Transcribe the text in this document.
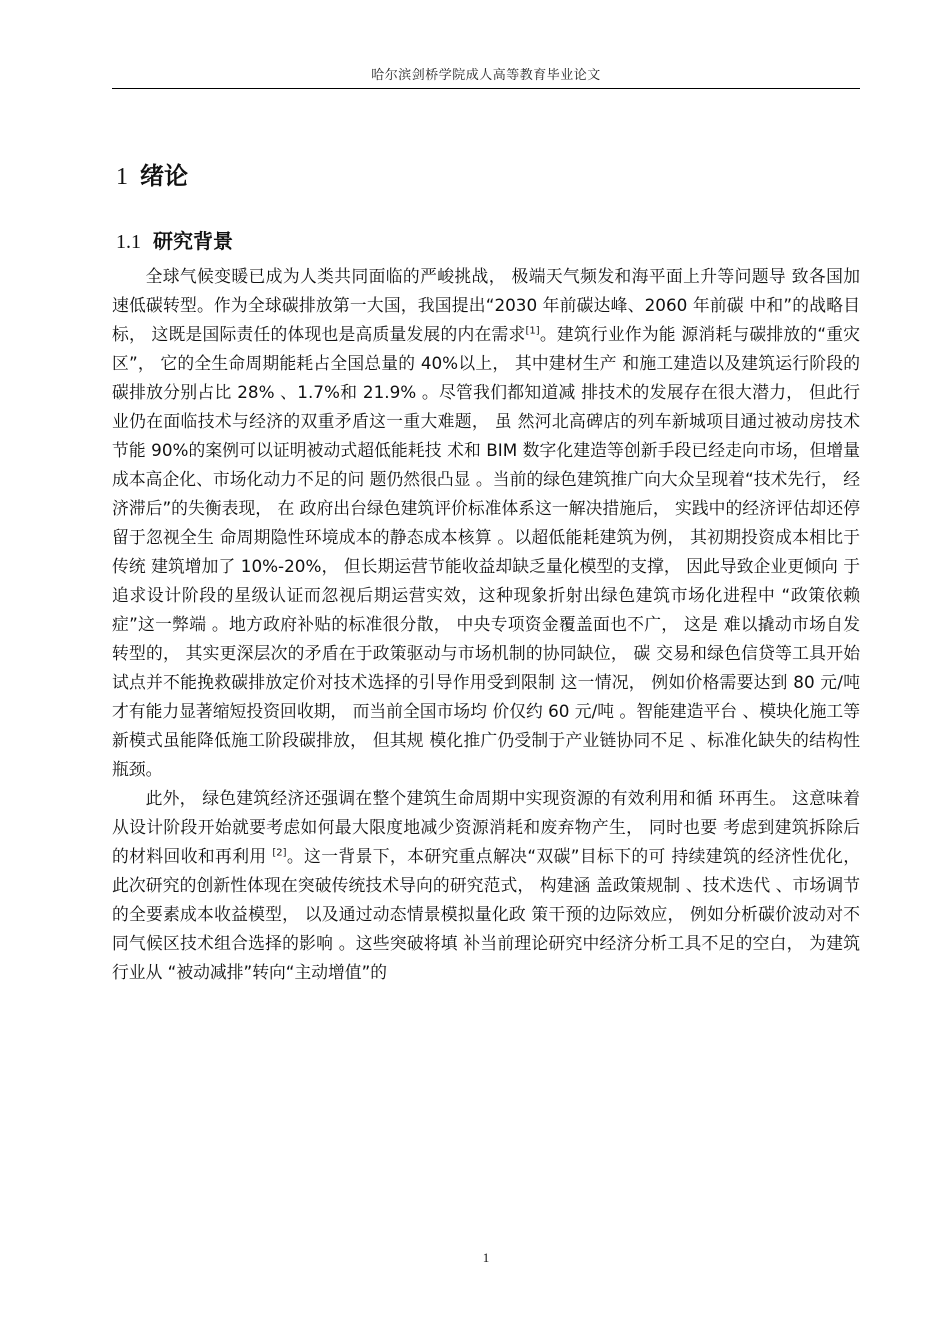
哈尔滨剑桥学院成人高等教育毕业论文
1 绪论
1.1 研究背景

全球气候变暖已成为人类共同面临的严峻挑战， 极端天气频发和海平面上升等问题导 致各国加速低碳转型。作为全球碳排放第一大国，我国提出“2030 年前碳达峰、2060 年前碳 中和”的战略目标， 这既是国际责任的体现也是高质量发展的内在需求[1]。建筑行业作为能 源消耗与碳排放的“重灾区”， 它的全生命周期能耗占全国总量的 40%以上， 其中建材生产 和施工建造以及建筑运行阶段的碳排放分别占比 28% 、1.7%和 21.9% 。尽管我们都知道减 排技术的发展存在很大潜力， 但此行业仍在面临技术与经济的双重矛盾这一重大难题， 虽 然河北高碑店的列车新城项目通过被动房技术节能 90%的案例可以证明被动式超低能耗技 术和 BIM 数字化建造等创新手段已经走向市场，但增量成本高企化、市场化动力不足的问 题仍然很凸显 。当前的绿色建筑推广向大众呈现着“技术先行， 经济滞后”的失衡表现， 在 政府出台绿色建筑评价标准体系这一解决措施后， 实践中的经济评估却还停留于忽视全生 命周期隐性环境成本的静态成本核算 。以超低能耗建筑为例， 其初期投资成本相比于传统 建筑增加了 10%-20%， 但长期运营节能收益却缺乏量化模型的支撑， 因此导致企业更倾向 于追求设计阶段的星级认证而忽视后期运营实效，这种现象折射出绿色建筑市场化进程中 “政策依赖症”这一弊端 。地方政府补贴的标准很分散， 中央专项资金覆盖面也不广， 这是 难以撬动市场自发转型的， 其实更深层次的矛盾在于政策驱动与市场机制的协同缺位， 碳 交易和绿色信贷等工具开始试点并不能挽救碳排放定价对技术选择的引导作用受到限制 这一情况， 例如价格需要达到 80 元/吨才有能力显著缩短投资回收期， 而当前全国市场均 价仅约 60 元/吨 。智能建造平台 、模块化施工等新模式虽能降低施工阶段碳排放， 但其规 模化推广仍受制于产业链协同不足 、标准化缺失的结构性瓶颈。

此外， 绿色建筑经济还强调在整个建筑生命周期中实现资源的有效利用和循 环再生。 这意味着从设计阶段开始就要考虑如何最大限度地减少资源消耗和废弃物产生， 同时也要 考虑到建筑拆除后的材料回收和再利用 [2]。这一背景下，本研究重点解决“双碳”目标下的可 持续建筑的经济性优化， 此次研究的创新性体现在突破传统技术导向的研究范式， 构建涵 盖政策规制 、技术迭代 、市场调节的全要素成本收益模型， 以及通过动态情景模拟量化政 策干预的边际效应， 例如分析碳价波动对不同气候区技术组合选择的影响 。这些突破将填 补当前理论研究中经济分析工具不足的空白， 为建筑行业从 “被动减排”转向“主动增值”的

1
